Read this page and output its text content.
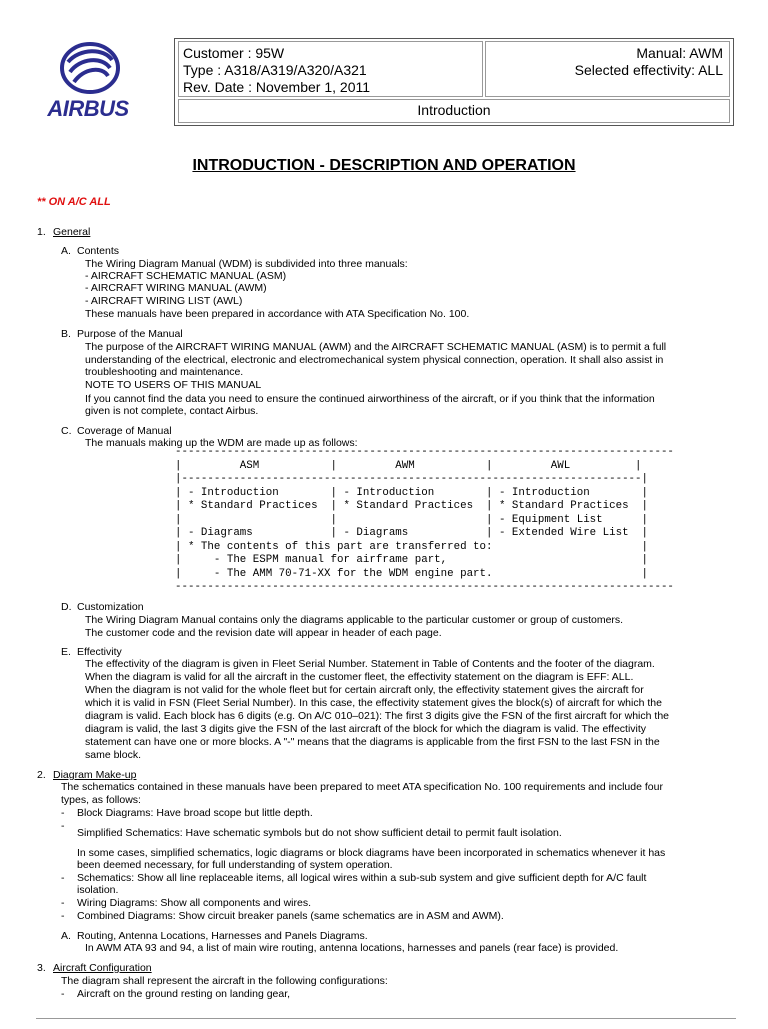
AIRBUS
Customer : 95W
Type : A318/A319/A320/A321
Rev. Date : November 1, 2011
Manual: AWM
Selected effectivity: ALL
Introduction
INTRODUCTION - DESCRIPTION AND OPERATION
** ON A/C ALL
1. General
A. Contents
The Wiring Diagram Manual (WDM) is subdivided into three manuals:
- AIRCRAFT SCHEMATIC MANUAL (ASM)
- AIRCRAFT WIRING MANUAL (AWM)
- AIRCRAFT WIRING LIST (AWL)
These manuals have been prepared in accordance with ATA Specification No. 100.
B. Purpose of the Manual
The purpose of the AIRCRAFT WIRING MANUAL (AWM) and the AIRCRAFT SCHEMATIC MANUAL (ASM) is to permit a full
understanding of the electrical, electronic and electromechanical system physical connection, operation. It shall also assist in
troubleshooting and maintenance.
NOTE TO USERS OF THIS MANUAL
If you cannot find the data you need to ensure the continued airworthiness of the aircraft, or if you think that the information
given is not complete, contact Airbus.
C. Coverage of Manual
The manuals making up the WDM are made up as follows:
-----------------------------------------------------------------------------
|         ASM           |         AWM           |         AWL          |
|-----------------------------------------------------------------------|
| - Introduction        | - Introduction        | - Introduction        |
| * Standard Practices  | * Standard Practices  | * Standard Practices  |
|                       |                       | - Equipment List      |
| - Diagrams            | - Diagrams            | - Extended Wire List  |
| * The contents of this part are transferred to:                       |
|     - The ESPM manual for airframe part,                              |
|     - The AMM 70-71-XX for the WDM engine part.                       |
-----------------------------------------------------------------------------
D. Customization
The Wiring Diagram Manual contains only the diagrams applicable to the particular customer or group of customers.
The customer code and the revision date will appear in header of each page.
E. Effectivity
The effectivity of the diagram is given in Fleet Serial Number. Statement in Table of Contents and the footer of the diagram.
When the diagram is valid for all the aircraft in the customer fleet, the effectivity statement on the diagram is EFF: ALL.
When the diagram is not valid for the whole fleet but for certain aircraft only, the effectivity statement gives the aircraft for
which it is valid in FSN (Fleet Serial Number). In this case, the effectivity statement gives the block(s) of aircraft for which the
diagram is valid. Each block has 6 digits (e.g. On A/C 010–021): The first 3 digits give the FSN of the first aircraft for which the
diagram is valid, the last 3 digits give the FSN of the last aircraft of the block for which the diagram is valid. The effectivity
statement can have one or more blocks. A "-" means that the diagrams is applicable from the first FSN to the last FSN in the
same block.
2. Diagram Make-up
The schematics contained in these manuals have been prepared to meet ATA specification No. 100 requirements and include four
types, as follows:
- Block Diagrams: Have broad scope but little depth.
-
Simplified Schematics: Have schematic symbols but do not show sufficient detail to permit fault isolation.
In some cases, simplified schematics, logic diagrams or block diagrams have been incorporated in schematics whenever it has
been deemed necessary, for full understanding of system operation.
- Schematics: Show all line replaceable items, all logical wires within a sub-sub system and give sufficient depth for A/C fault
isolation.
- Wiring Diagrams: Show all components and wires.
- Combined Diagrams: Show circuit breaker panels (same schematics are in ASM and AWM).
A. Routing, Antenna Locations, Harnesses and Panels Diagrams.
In AWM ATA 93 and 94, a list of main wire routing, antenna locations, harnesses and panels (rear face) is provided.
3. Aircraft Configuration
The diagram shall represent the aircraft in the following configurations:
- Aircraft on the ground resting on landing gear,
